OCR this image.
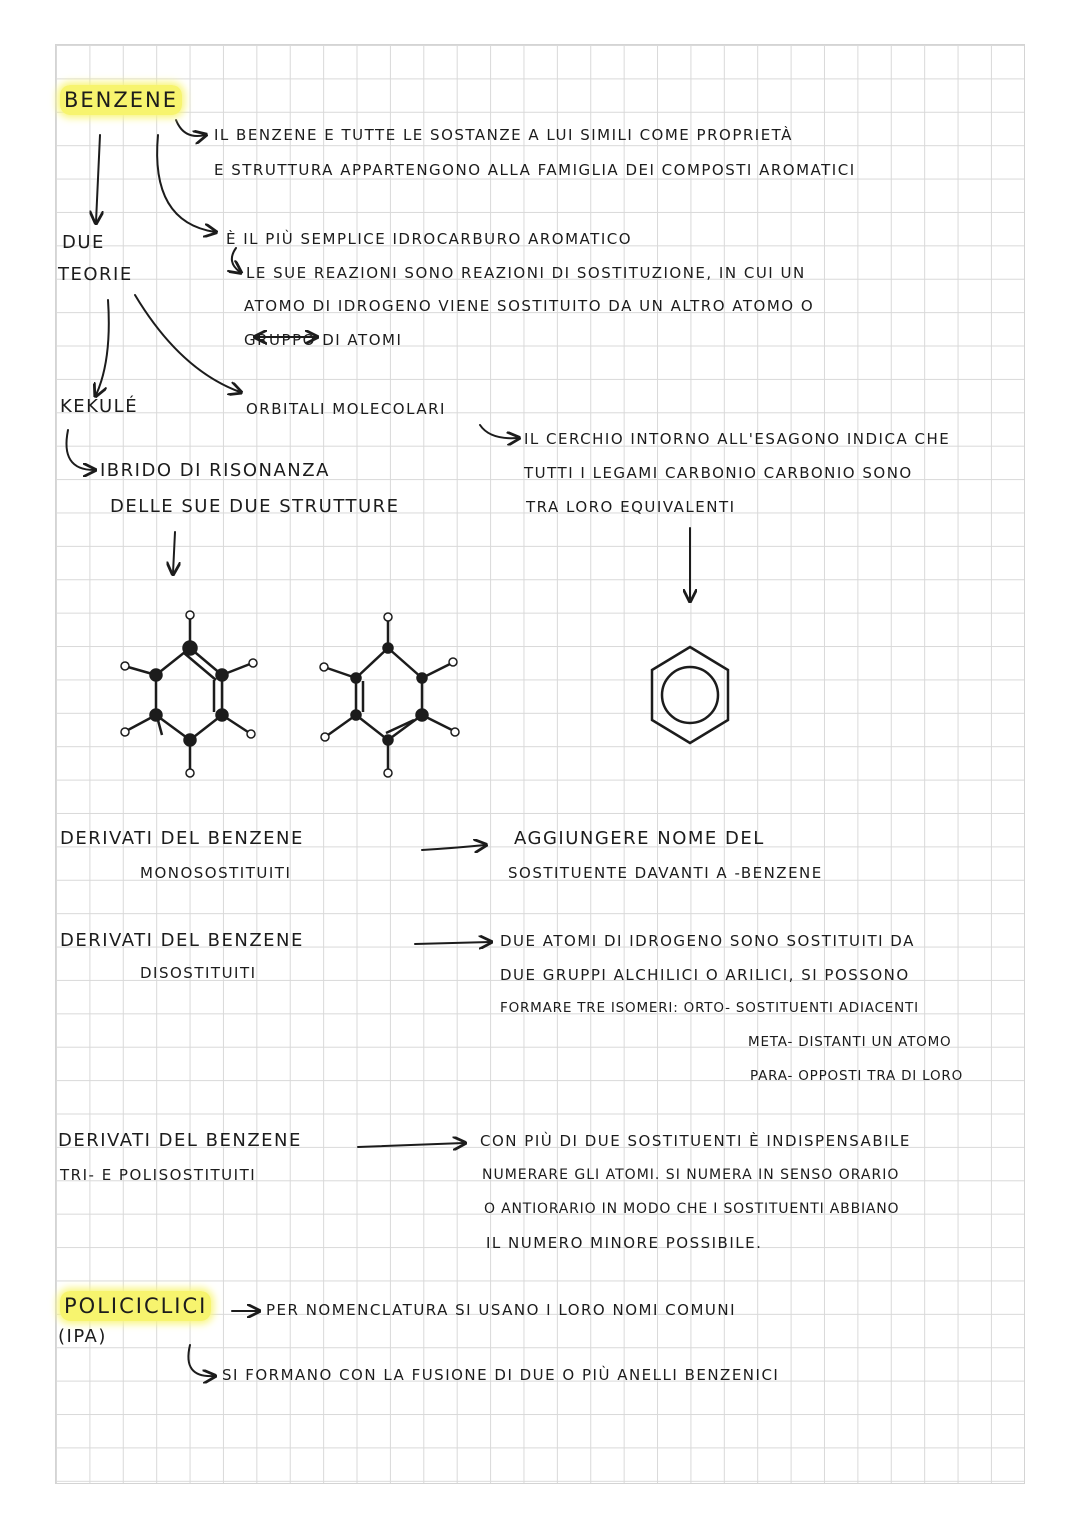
BENZENE
IL BENZENE E TUTTE LE SOSTANZE A LUI SIMILI COME PROPRIETÀ
E STRUTTURA APPARTENGONO ALLA FAMIGLIA DEI COMPOSTI AROMATICI
È IL PIÙ SEMPLICE IDROCARBURO AROMATICO
LE SUE REAZIONI SONO REAZIONI DI SOSTITUZIONE, IN CUI UN
ATOMO DI IDROGENO VIENE SOSTITUITO DA UN ALTRO ATOMO O
GRUPPO DI ATOMI
DUE
TEORIE
KEKULÉ
IBRIDO DI RISONANZA
DELLE SUE DUE STRUTTURE
ORBITALI MOLECOLARI
IL CERCHIO INTORNO ALL'ESAGONO INDICA CHE
TUTTI I LEGAMI CARBONIO CARBONIO SONO
TRA LORO EQUIVALENTI
DERIVATI DEL BENZENE
MONOSOSTITUITI
AGGIUNGERE NOME DEL
SOSTITUENTE DAVANTI A -BENZENE
DERIVATI DEL BENZENE
DISOSTITUITI
DUE ATOMI DI IDROGENO SONO SOSTITUITI DA
DUE GRUPPI ALCHILICI O ARILICI, SI POSSONO
FORMARE TRE ISOMERI: ORTO- SOSTITUENTI ADIACENTI
META- DISTANTI UN ATOMO
PARA- OPPOSTI TRA DI LORO
DERIVATI DEL BENZENE
TRI- E POLISOSTITUITI
CON PIÙ DI DUE SOSTITUENTI È INDISPENSABILE
NUMERARE GLI ATOMI. SI NUMERA IN SENSO ORARIO
O ANTIORARIO IN MODO CHE I SOSTITUENTI ABBIANO
IL NUMERO MINORE POSSIBILE.
POLICICLICI
(IPA)
PER NOMENCLATURA SI USANO I LORO NOMI COMUNI
SI FORMANO CON LA FUSIONE DI DUE O PIÙ ANELLI BENZENICI
